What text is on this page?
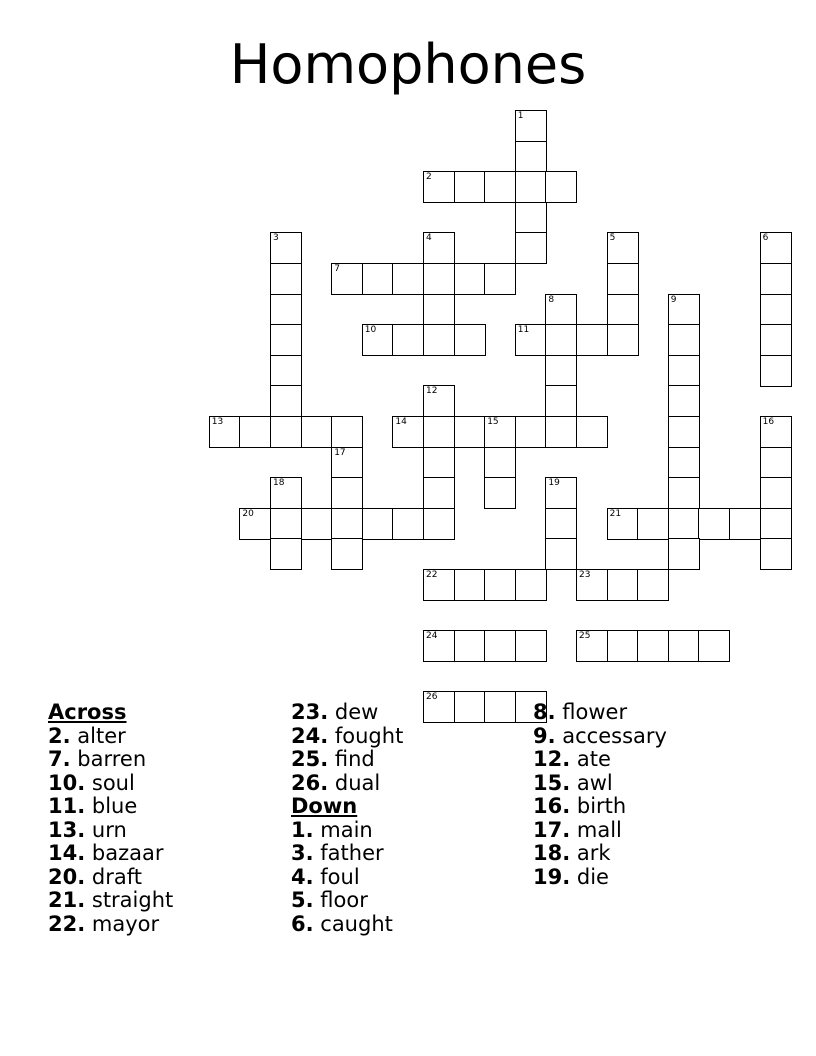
Homophones
1
2
3	4	5	6
7
8	9
10	11
12
13	14	15	16
17
18	19
20	21
22	23
24	25
26
Across
2. alter
7. barren
10. soul
11. blue
13. urn
14. bazaar
20. draft
21. straight
22. mayor
23. dew
24. fought
25. find
26. dual
Down
1. main
3. father
4. foul
5. floor
6. caught
8. flower
9. accessary
12. ate
15. awl
16. birth
17. mall
18. ark
19. die
